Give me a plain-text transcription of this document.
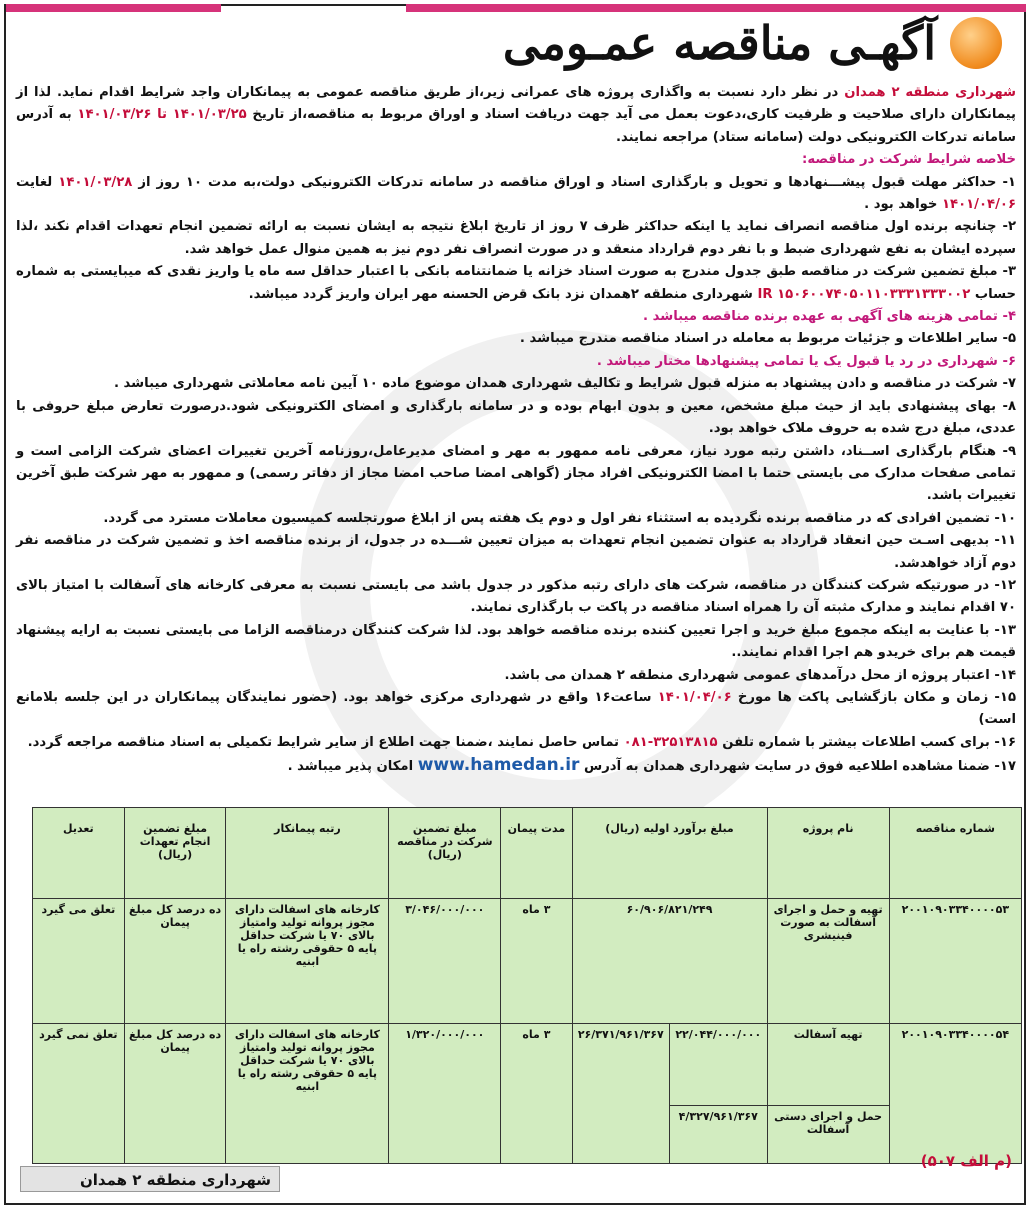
آگهـی مناقصه عمـومی

شهرداری منطقه ۲ همدان در نظر دارد نسبت به واگذاری پروژه های عمرانی زیر،از طریق مناقصه عمومی به پیمانکاران واجد شرایط اقدام نماید. لذا از پیمانکاران دارای صلاحیت و ظرفیت کاری،دعوت بعمل می آید جهت دریافت اسناد و اوراق مربوط به مناقصه،از تاریخ ۱۴۰۱/۰۳/۲۵ تا ۱۴۰۱/۰۳/۲۶ به آدرس سامانه تدرکات الکترونیکی دولت (سامانه ستاد) مراجعه نمایند.

خلاصه شرایط شرکت در مناقصه:

۱- حداکثر مهلت قبول پیشـــنهادها و تحویل و بارگذاری اسناد و اوراق مناقصه در سامانه تدرکات الکترونیکی دولت،به مدت ۱۰ روز از ۱۴۰۱/۰۳/۲۸ لغایت ۱۴۰۱/۰۴/۰۶ خواهد بود .

۲- چنانچه برنده اول مناقصه انصراف نماید یا اینکه حداکثر ظرف ۷ روز از تاریخ ابلاغ نتیجه به ایشان نسبت به ارائه تضمین انجام تعهدات اقدام نکند ،لذا سپرده ایشان به نفع شهرداری ضبط و با نفر دوم قرارداد منعقد و در صورت انصراف نفر دوم نیز به همین منوال عمل خواهد شد.

۳- مبلغ تضمین شرکت در مناقصه طبق جدول مندرج به صورت اسناد خزانه یا ضمانتنامه بانکی با اعتبار حداقل سه ماه یا واریز نقدی که میبایستی به شماره حساب IR ۱۵۰۶۰۰۷۴۰۵۰۱۱۰۳۳۳۱۳۳۳۰۰۲ شهرداری منطقه ۲همدان نزد بانک قرض الحسنه مهر ایران واریز گردد میباشد.

۴- تمامی هزینه های آگهی به عهده برنده مناقصه میباشد .

۵- سایر اطلاعات و جزئیات مربوط به معامله در اسناد مناقصه مندرج میباشد .

۶- شهرداری در رد یا قبول یک یا تمامی پیشنهادها مختار میباشد .

۷- شرکت در مناقصه و دادن پیشنهاد به منزله قبول شرایط و تکالیف شهرداری همدان موضوع ماده ۱۰ آیین نامه معاملاتی شهرداری میباشد .

۸- بهای پیشنهادی باید از حیث مبلغ مشخص، معین و بدون ابهام بوده و در سامانه بارگذاری و امضای الکترونیکی شود.درصورت تعارض مبلغ حروفی با عددی، مبلغ درج شده به حروف ملاک خواهد بود.

۹- هنگام بارگذاری اســناد، داشتن رتبه مورد نیاز، معرفی نامه ممهور به مهر و امضای مدیرعامل،روزنامه آخرین تغییرات اعضای شرکت الزامی است و تمامی صفحات مدارک می بایستی حتما با امضا الکترونیکی افراد مجاز (گواهی امضا صاحب امضا مجاز از دفاتر رسمی) و ممهور به مهر شرکت طبق آخرین تغییرات باشد.

۱۰- تضمین افرادی که در مناقصه برنده نگردیده به استثناء نفر اول و دوم یک هفته پس از ابلاغ صورتجلسه کمیسیون معاملات مسترد می گردد.

۱۱- بدیهی اسـت حین انعقاد قرارداد به عنوان تضمین انجام تعهدات به میزان تعیین شـــده در جدول، از برنده مناقصه اخذ و تضمین شرکت در مناقصه نفر دوم آزاد خواهدشد.

۱۲- در صورتیکه شرکت کنندگان در مناقصه، شرکت های دارای رتبه مذکور در جدول باشد می بایستی نسبت به معرفی کارخانه های آسفالت با امتیاز بالای ۷۰ اقدام نمایند و مدارک مثبته آن را همراه اسناد مناقصه در پاکت ب بارگذاری نمایند.

۱۳- با عنایت به اینکه مجموع مبلغ خرید و اجرا تعیین کننده برنده مناقصه خواهد بود. لذا شرکت کنندگان درمناقصه الزاما می بایستی نسبت به ارایه پیشنهاد قیمت هم برای خریدو هم اجرا اقدام نمایند..

۱۴- اعتبار پروژه از محل درآمدهای عمومی شهرداری منطقه ۲ همدان می باشد.

۱۵- زمان و مکان بازگشایی پاکت ها مورخ ۱۴۰۱/۰۴/۰۶ ساعت۱۶ واقع در شهرداری مرکزی خواهد بود. (حضور نمایندگان پیمانکاران در این جلسه بلامانع است)

۱۶- برای کسب اطلاعات بیشتر با شماره تلفن ۳۲۵۱۳۸۱۵-۰۸۱ تماس حاصل نمایند ،ضمنا جهت اطلاع از سایر شرایط تکمیلی به اسناد مناقصه مراجعه گردد.

۱۷- ضمنا مشاهده اطلاعیه فوق در سایت شهرداری همدان به آدرس www.hamedan.ir امکان پذیر میباشد .

شماره مناقصه	نام پروژه	مبلغ برآورد اولیه (ریال)		مدت پیمان	مبلغ تضمین شرکت در مناقصه (ریال)	رتبه پیمانکار	مبلغ تضمین انجام تعهدات (ریال)	تعدیل
۲۰۰۱۰۹۰۳۳۴۰۰۰۰۵۳	تهیه و حمل و اجرای آسفالت به صورت فینیشری	۶۰/۹۰۶/۸۲۱/۲۴۹		۳ ماه	۳/۰۴۶/۰۰۰/۰۰۰	کارخانه های اسفالت دارای مجوز پروانه تولید وامتیاز بالای ۷۰ یا شرکت حداقل پایه ۵ حقوقی رشته راه یا ابنیه	ده درصد کل مبلغ پیمان	تعلق می گیرد
۲۰۰۱۰۹۰۳۳۴۰۰۰۰۵۴	تهیه آسفالت	۲۲/۰۴۴/۰۰۰/۰۰۰	۲۶/۳۷۱/۹۶۱/۳۶۷	۳ ماه	۱/۳۲۰/۰۰۰/۰۰۰	کارخانه های اسفالت دارای مجوز پروانه تولید وامتیاز بالای ۷۰ یا شرکت حداقل پایه ۵ حقوقی رشته راه یا ابنیه	ده درصد کل مبلغ پیمان	تعلق نمی گیرد
	حمل و اجرای دستی آسفالت	۴/۳۲۷/۹۶۱/۳۶۷						
(م الف ۵۰۷)
شهرداری منطقه ۲ همدان
